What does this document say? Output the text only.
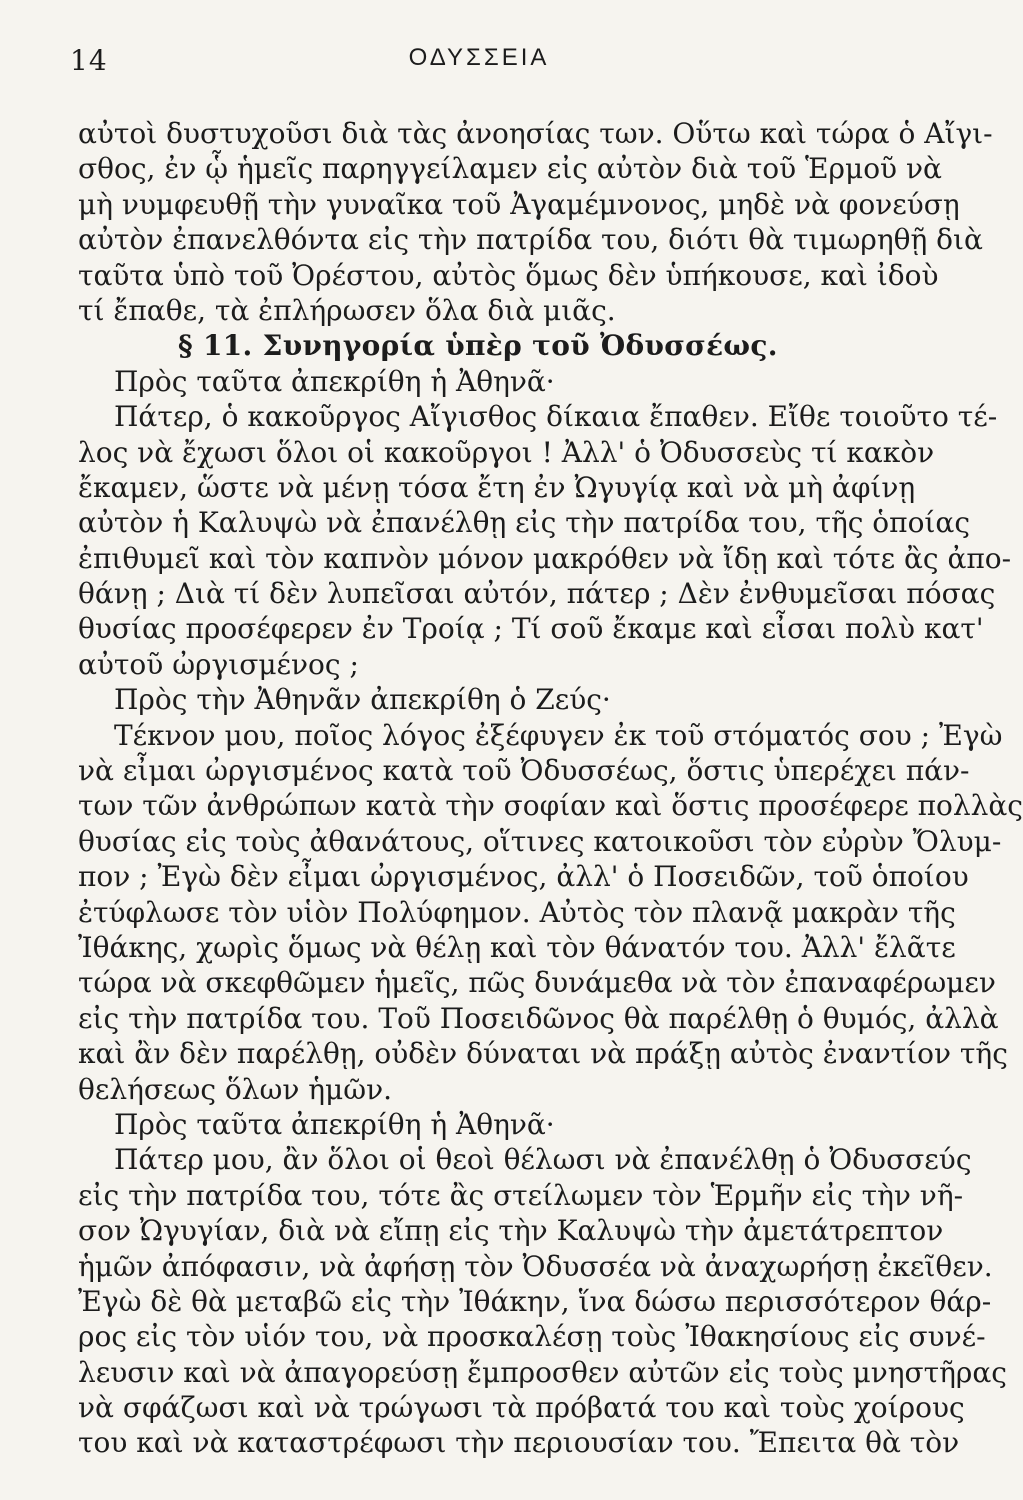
14	ΟΔΥΣΣΕΙΑ
αὐτοὶ δυστυχοῦσι διὰ τὰς ἀνοησίας των. Οὕτω καὶ τώρα ὁ Αἴγι-
σθος, ἐν ᾧ ἡμεῖς παρηγγείλαμεν εἰς αὐτὸν διὰ τοῦ Ἑρμοῦ νὰ
μὴ νυμφευθῇ τὴν γυναῖκα τοῦ Ἀγαμέμνονος, μηδὲ νὰ φονεύσῃ
αὐτὸν ἐπανελθόντα εἰς τὴν πατρίδα του, διότι θὰ τιμωρηθῇ διὰ
ταῦτα ὑπὸ τοῦ Ὀρέστου, αὐτὸς ὅμως δὲν ὑπήκουσε, καὶ ἰδοὺ
τί ἔπαθε, τὰ ἐπλήρωσεν ὅλα διὰ μιᾶς.
§ 11. Συνηγορία ὑπὲρ τοῦ Ὀδυσσέως.
Πρὸς ταῦτα ἀπεκρίθη ἡ Ἀθηνᾶ·
Πάτερ, ὁ κακοῦργος Αἴγισθος δίκαια ἔπαθεν. Εἴθε τοιοῦτο τέ-
λος νὰ ἔχωσι ὅλοι οἱ κακοῦργοι ! Ἀλλ' ὁ Ὀδυσσεὺς τί κακὸν
ἔκαμεν, ὥστε νὰ μένῃ τόσα ἔτη ἐν Ὠγυγίᾳ καὶ νὰ μὴ ἀφίνῃ
αὐτὸν ἡ Καλυψὼ νὰ ἐπανέλθῃ εἰς τὴν πατρίδα του, τῆς ὁποίας
ἐπιθυμεῖ καὶ τὸν καπνὸν μόνον μακρόθεν νὰ ἴδῃ καὶ τότε ἂς ἀπο-
θάνῃ ; Διὰ τί δὲν λυπεῖσαι αὐτόν, πάτερ ; Δὲν ἐνθυμεῖσαι πόσας
θυσίας προσέφερεν ἐν Τροίᾳ ; Τί σοῦ ἔκαμε καὶ εἶσαι πολὺ κατ'
αὐτοῦ ὠργισμένος ;
Πρὸς τὴν Ἀθηνᾶν ἀπεκρίθη ὁ Ζεύς·
Τέκνον μου, ποῖος λόγος ἐξέφυγεν ἐκ τοῦ στόματός σου ; Ἐγὼ
νὰ εἶμαι ὠργισμένος κατὰ τοῦ Ὀδυσσέως, ὅστις ὑπερέχει πάν-
των τῶν ἀνθρώπων κατὰ τὴν σοφίαν καὶ ὅστις προσέφερε πολλὰς
θυσίας εἰς τοὺς ἀθανάτους, οἵτινες κατοικοῦσι τὸν εὐρὺν Ὄλυμ-
πον ; Ἐγὼ δὲν εἶμαι ὠργισμένος, ἀλλ' ὁ Ποσειδῶν, τοῦ ὁποίου
ἐτύφλωσε τὸν υἱὸν Πολύφημον. Αὐτὸς τὸν πλανᾷ μακρὰν τῆς
Ἰθάκης, χωρὶς ὅμως νὰ θέλῃ καὶ τὸν θάνατόν του. Ἀλλ' ἔλᾶτε
τώρα νὰ σκεφθῶμεν ἡμεῖς, πῶς δυνάμεθα νὰ τὸν ἐπαναφέρωμεν
εἰς τὴν πατρίδα του. Τοῦ Ποσειδῶνος θὰ παρέλθῃ ὁ θυμός, ἀλλὰ
καὶ ἂν δὲν παρέλθῃ, οὐδὲν δύναται νὰ πράξῃ αὐτὸς ἐναντίον τῆς
θελήσεως ὅλων ἡμῶν.
Πρὸς ταῦτα ἀπεκρίθη ἡ Ἀθηνᾶ·
Πάτερ μου, ἂν ὅλοι οἱ θεοὶ θέλωσι νὰ ἐπανέλθῃ ὁ Ὀδυσσεύς
εἰς τὴν πατρίδα του, τότε ἂς στείλωμεν τὸν Ἑρμῆν εἰς τὴν νῆ-
σον Ὠγυγίαν, διὰ νὰ εἴπῃ εἰς τὴν Καλυψὼ τὴν ἀμετάτρεπτον
ἡμῶν ἀπόφασιν, νὰ ἀφήσῃ τὸν Ὀδυσσέα νὰ ἀναχωρήσῃ ἐκεῖθεν.
Ἐγὼ δὲ θὰ μεταβῶ εἰς τὴν Ἰθάκην, ἵνα δώσω περισσότερον θάρ-
ρος εἰς τὸν υἱόν του, νὰ προσκαλέσῃ τοὺς Ἰθακησίους εἰς συνέ-
λευσιν καὶ νὰ ἀπαγορεύσῃ ἔμπροσθεν αὐτῶν εἰς τοὺς μνηστῆρας
νὰ σφάζωσι καὶ νὰ τρώγωσι τὰ πρόβατά του καὶ τοὺς χοίρους
του καὶ νὰ καταστρέφωσι τὴν περιουσίαν του. Ἔπειτα θὰ τὸν
